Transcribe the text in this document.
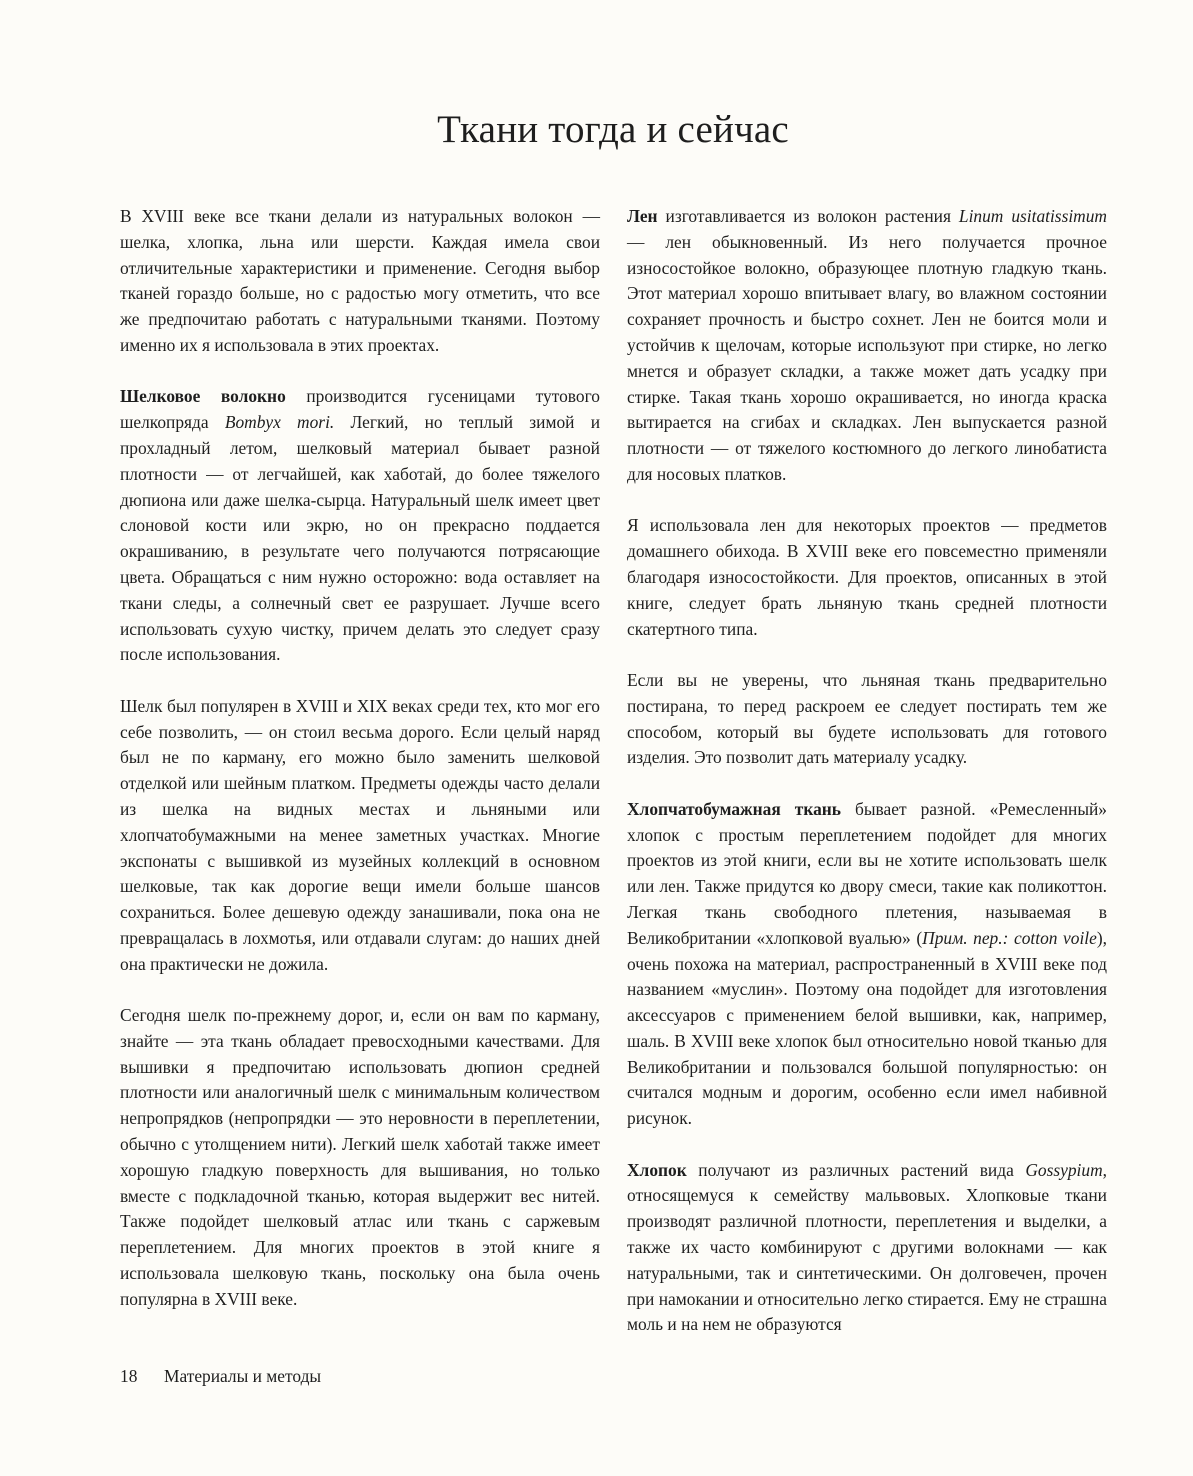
Ткани тогда и сейчас

В XVIII веке все ткани делали из натуральных волокон — шелка, хлопка, льна или шерсти. Каждая имела свои отличительные характеристики и применение. Сегодня выбор тканей гораздо больше, но с радостью могу отметить, что все же предпочитаю работать с натуральными тканями. Поэтому именно их я использовала в этих проектах.

Шелковое волокно производится гусеницами тутового шелкопряда Bombyx mori. Легкий, но теплый зимой и прохладный летом, шелковый материал бывает разной плотности — от легчайшей, как хаботай, до более тяжелого дюпиона или даже шелка-сырца. Натуральный шелк имеет цвет слоновой кости или экрю, но он прекрасно поддается окрашиванию, в результате чего получаются потрясающие цвета. Обращаться с ним нужно осторожно: вода оставляет на ткани следы, а солнечный свет ее разрушает. Лучше всего использовать сухую чистку, причем делать это следует сразу после использования.

Шелк был популярен в XVIII и XIX веках среди тех, кто мог его себе позволить, — он стоил весьма дорого. Если целый наряд был не по карману, его можно было заменить шелковой отделкой или шейным платком. Предметы одежды часто делали из шелка на видных местах и льняными или хлопчатобумажными на менее заметных участках. Многие экспонаты с вышивкой из музейных коллекций в основном шелковые, так как дорогие вещи имели больше шансов сохраниться. Более дешевую одежду занашивали, пока она не превращалась в лохмотья, или отдавали слугам: до наших дней она практически не дожила.

Сегодня шелк по-прежнему дорог, и, если он вам по карману, знайте — эта ткань обладает превосходными качествами. Для вышивки я предпочитаю использовать дюпион средней плотности или аналогичный шелк с минимальным количеством непропрядков (непропрядки — это неровности в переплетении, обычно с утолщением нити). Легкий шелк хаботай также имеет хорошую гладкую поверхность для вышивания, но только вместе с подкладочной тканью, которая выдержит вес нитей. Также подойдет шелковый атлас или ткань с саржевым переплетением. Для многих проектов в этой книге я использовала шелковую ткань, поскольку она была очень популярна в XVIII веке.

Лен изготавливается из волокон растения Linum usitatissimum — лен обыкновенный. Из него получается прочное износостойкое волокно, образующее плотную гладкую ткань. Этот материал хорошо впитывает влагу, во влажном состоянии сохраняет прочность и быстро сохнет. Лен не боится моли и устойчив к щелочам, которые используют при стирке, но легко мнется и образует складки, а также может дать усадку при стирке. Такая ткань хорошо окрашивается, но иногда краска вытирается на сгибах и складках. Лен выпускается разной плотности — от тяжелого костюмного до легкого линобатиста для носовых платков.

Я использовала лен для некоторых проектов — предметов домашнего обихода. В XVIII веке его повсеместно применяли благодаря износостойкости. Для проектов, описанных в этой книге, следует брать льняную ткань средней плотности скатертного типа.

Если вы не уверены, что льняная ткань предварительно постирана, то перед раскроем ее следует постирать тем же способом, который вы будете использовать для готового изделия. Это позволит дать материалу усадку.

Хлопчатобумажная ткань бывает разной. «Ремесленный» хлопок с простым переплетением подойдет для многих проектов из этой книги, если вы не хотите использовать шелк или лен. Также придутся ко двору смеси, такие как поликоттон. Легкая ткань свободного плетения, называемая в Великобритании «хлопковой вуалью» (Прим. пер.: cotton voile), очень похожа на материал, распространенный в XVIII веке под названием «муслин». Поэтому она подойдет для изготовления аксессуаров с применением белой вышивки, как, например, шаль. В XVIII веке хлопок был относительно новой тканью для Великобритании и пользовался большой популярностью: он считался модным и дорогим, особенно если имел набивной рисунок.

Хлопок получают из различных растений вида Gossypium, относящемуся к семейству мальвовых. Хлопковые ткани производят различной плотности, переплетения и выделки, а также их часто комбинируют с другими волокнами — как натуральными, так и синтетическими. Он долговечен, прочен при намокании и относительно легко стирается. Ему не страшна моль и на нем не образуются

18 Материалы и методы
